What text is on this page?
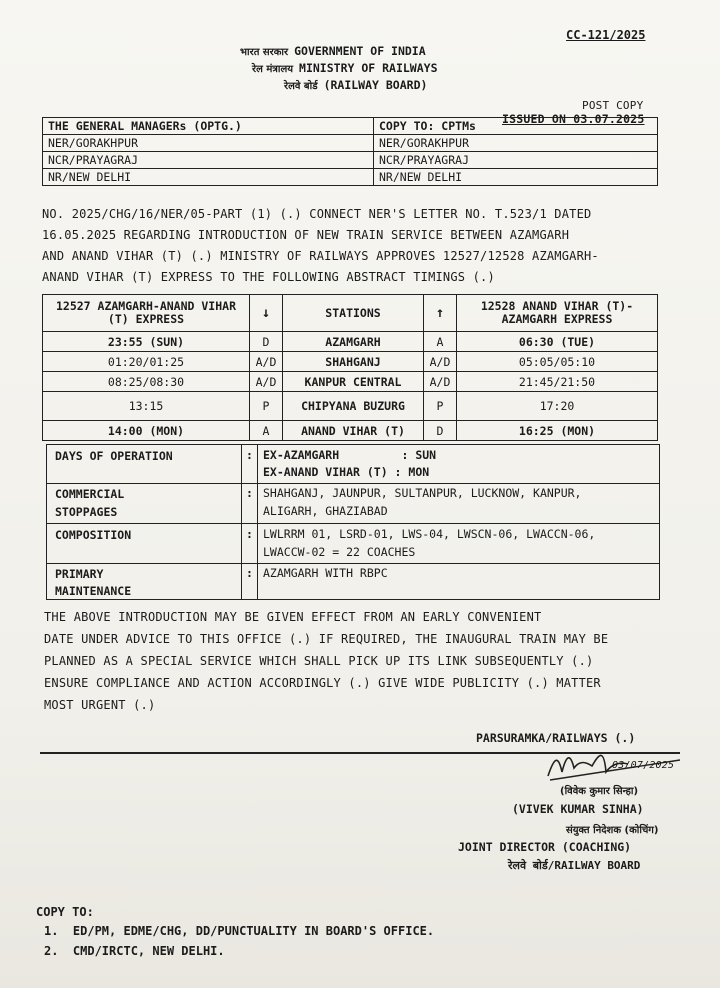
CC-121/2025
भारत सरकार GOVERNMENT OF INDIA
रेल मंत्रालय MINISTRY OF RAILWAYS
रेलवे बोर्ड (RAILWAY BOARD)
POST COPY
ISSUED ON 03.07.2025
THE GENERAL MANAGERs (OPTG.)	COPY TO: CPTMs
NER/GORAKHPUR	NER/GORAKHPUR
NCR/PRAYAGRAJ	NCR/PRAYAGRAJ
NR/NEW DELHI	NR/NEW DELHI
NO. 2025/CHG/16/NER/05-PART (1) (.) CONNECT NER'S LETTER NO. T.523/1 DATED
16.05.2025 REGARDING INTRODUCTION OF NEW TRAIN SERVICE BETWEEN AZAMGARH
AND ANAND VIHAR (T) (.) MINISTRY OF RAILWAYS APPROVES 12527/12528 AZAMGARH-
ANAND VIHAR (T) EXPRESS TO THE FOLLOWING ABSTRACT TIMINGS (.)
12527 AZAMGARH-ANAND VIHAR (T) EXPRESS	↓	STATIONS	↑	12528 ANAND VIHAR (T)-AZAMGARH EXPRESS
23:55 (SUN)	D	AZAMGARH	A	06:30 (TUE)
01:20/01:25	A/D	SHAHGANJ	A/D	05:05/05:10
08:25/08:30	A/D	KANPUR CENTRAL	A/D	21:45/21:50
13:15	P	CHIPYANA BUZURG	P	17:20
14:00 (MON)	A	ANAND VIHAR (T)	D	16:25 (MON)
DAYS OF OPERATION	: EX-AZAMGARH         : SUN
EX-ANAND VIHAR (T) : MON
COMMERCIAL
STOPPAGES
: SHAHGANJ, JAUNPUR, SULTANPUR, LUCKNOW, KANPUR,
ALIGARH, GHAZIABAD
COMPOSITION	: LWLRRM 01, LSRD-01, LWS-04, LWSCN-06, LWACCN-06,
LWACCW-02 = 22 COACHES
PRIMARY
MAINTENANCE
: AZAMGARH WITH RBPC
THE ABOVE INTRODUCTION MAY BE GIVEN EFFECT FROM AN EARLY CONVENIENT
DATE UNDER ADVICE TO THIS OFFICE (.) IF REQUIRED, THE INAUGURAL TRAIN MAY BE
PLANNED AS A SPECIAL SERVICE WHICH SHALL PICK UP ITS LINK SUBSEQUENTLY (.)
ENSURE COMPLIANCE AND ACTION ACCORDINGLY (.) GIVE WIDE PUBLICITY (.) MATTER
MOST URGENT (.)
PARSURAMKA/RAILWAYS (.)
03/07/2025
(विवेक कुमार सिन्हा)
(VIVEK KUMAR SINHA)
संयुक्त निदेशक (कोचिंग)
JOINT DIRECTOR (COACHING)
रेलवे बोर्ड/RAILWAY BOARD
COPY TO:
1.  ED/PM, EDME/CHG, DD/PUNCTUALITY IN BOARD'S OFFICE.
2.  CMD/IRCTC, NEW DELHI.
